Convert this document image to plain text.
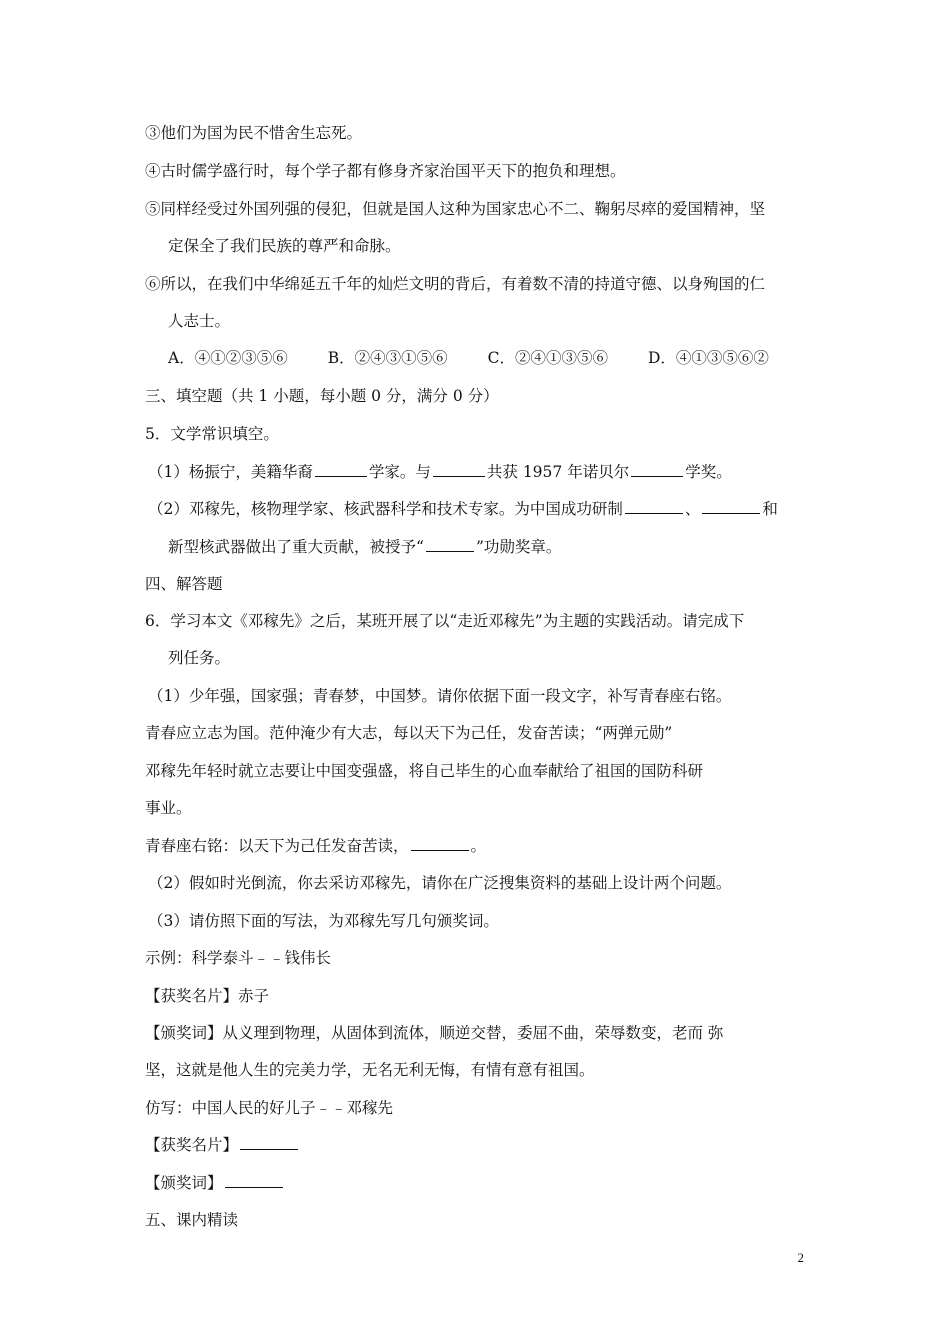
③他们为国为民不惜舍生忘死。
④古时儒学盛行时，每个学子都有修身齐家治国平天下的抱负和理想。
⑤同样经受过外国列强的侵犯，但就是国人这种为国家忠心不二、鞠躬尽瘁的爱国精神，坚
定保全了我们民族的尊严和命脉。
⑥所以，在我们中华绵延五千年的灿烂文明的背后，有着数不清的持道守德、以身殉国的仁
人志士。
A．④①②③⑤⑥	B．②④③①⑤⑥	C．②④①③⑤⑥	D．④①③⑤⑥②
三、填空题（共 1 小题，每小题 0 分，满分 0 分）
5．文学常识填空。
（1）杨振宁，美籍华裔	学家。与	共获 1957 年诺贝尔	学奖。
（2）邓稼先，核物理学家、核武器科学和技术专家。为中国成功研制	、	和
新型核武器做出了重大贡献，被授予“	”功勋奖章。
四、解答题
6．学习本文《邓稼先》之后，某班开展了以“走近邓稼先”为主题的实践活动。请完成下
列任务。
（1）少年强，国家强；青春梦，中国梦。请你依据下面一段文字，补写青春座右铭。
青春应立志为国。范仲淹少有大志，每以天下为己任，发奋苦读；“两弹元勋”
邓稼先年轻时就立志要让中国变强盛，将自己毕生的心血奉献给了祖国的国防科研
事业。
青春座右铭：以天下为己任发奋苦读，	。
（2）假如时光倒流，你去采访邓稼先，请你在广泛搜集资料的基础上设计两个问题。
（3）请仿照下面的写法，为邓稼先写几句颁奖词。
示例：科学泰斗﹣﹣钱伟长
【获奖名片】赤子
【颁奖词】从义理到物理，从固体到流体，顺逆交替，委屈不曲，荣辱数变，老而 弥
坚，这就是他人生的完美力学，无名无利无悔，有情有意有祖国。
仿写：中国人民的好儿子﹣﹣邓稼先
【获奖名片】
【颁奖词】
五、课内精读
2
